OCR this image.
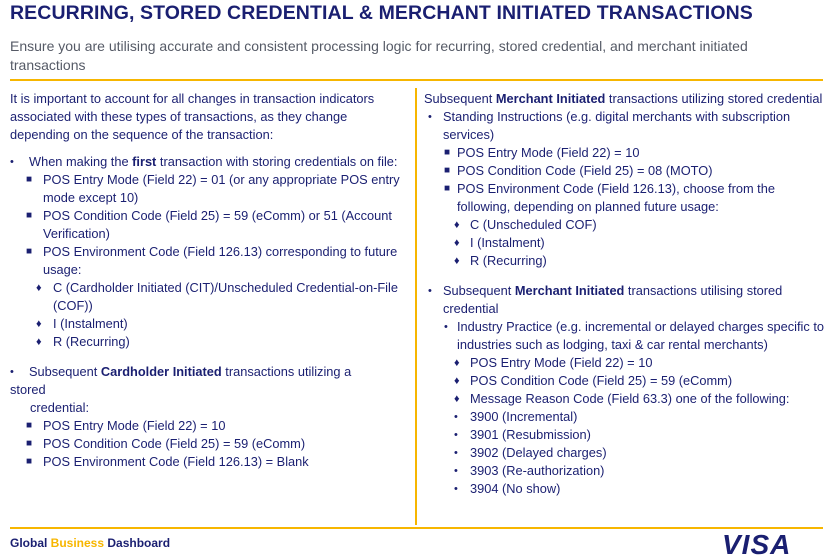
RECURRING, STORED CREDENTIAL & MERCHANT INITIATED TRANSACTIONS
Ensure you are utilising accurate and consistent processing logic for recurring, stored credential, and merchant initiated transactions

It is important to account for all changes in transaction indicators associated with these types of transactions, as they change depending on the sequence of the transaction:

• When making the first transaction with storing credentials on file:
■ POS Entry Mode (Field 22) = 01 (or any appropriate POS entry mode except 10)
■ POS Condition Code (Field 25) = 59 (eComm) or 51 (Account Verification)
■ POS Environment Code (Field 126.13) corresponding to future usage:
♦ C (Cardholder Initiated (CIT)/Unscheduled Credential-on-File (COF))
♦ I (Instalment)
♦ R (Recurring)
• Subsequent Cardholder Initiated transactions utilizing a

stored

credential:

■ POS Entry Mode (Field 22) = 10
■ POS Condition Code (Field 25) = 59 (eComm)
■ POS Environment Code (Field 126.13) = Blank

Subsequent Merchant Initiated transactions utilizing stored credential

• Standing Instructions (e.g. digital merchants with subscription services)
■ POS Entry Mode (Field 22) = 10
■ POS Condition Code (Field 25) = 08 (MOTO)
■ POS Environment Code (Field 126.13), choose from the following, depending on planned future usage:
♦ C (Unscheduled COF)
♦ I (Instalment)
♦ R (Recurring)
• Subsequent Merchant Initiated transactions utilising stored credential
• Industry Practice (e.g. incremental or delayed charges specific to industries such as lodging, taxi & car rental merchants)
♦ POS Entry Mode (Field 22) = 10
♦ POS Condition Code (Field 25) = 59 (eComm)
♦ Message Reason Code (Field 63.3) one of the following:
• 3900 (Incremental)
• 3901 (Resubmission)
• 3902 (Delayed charges)
• 3903 (Re-authorization)
• 3904 (No show)
Global Business Dashboard	VISA
